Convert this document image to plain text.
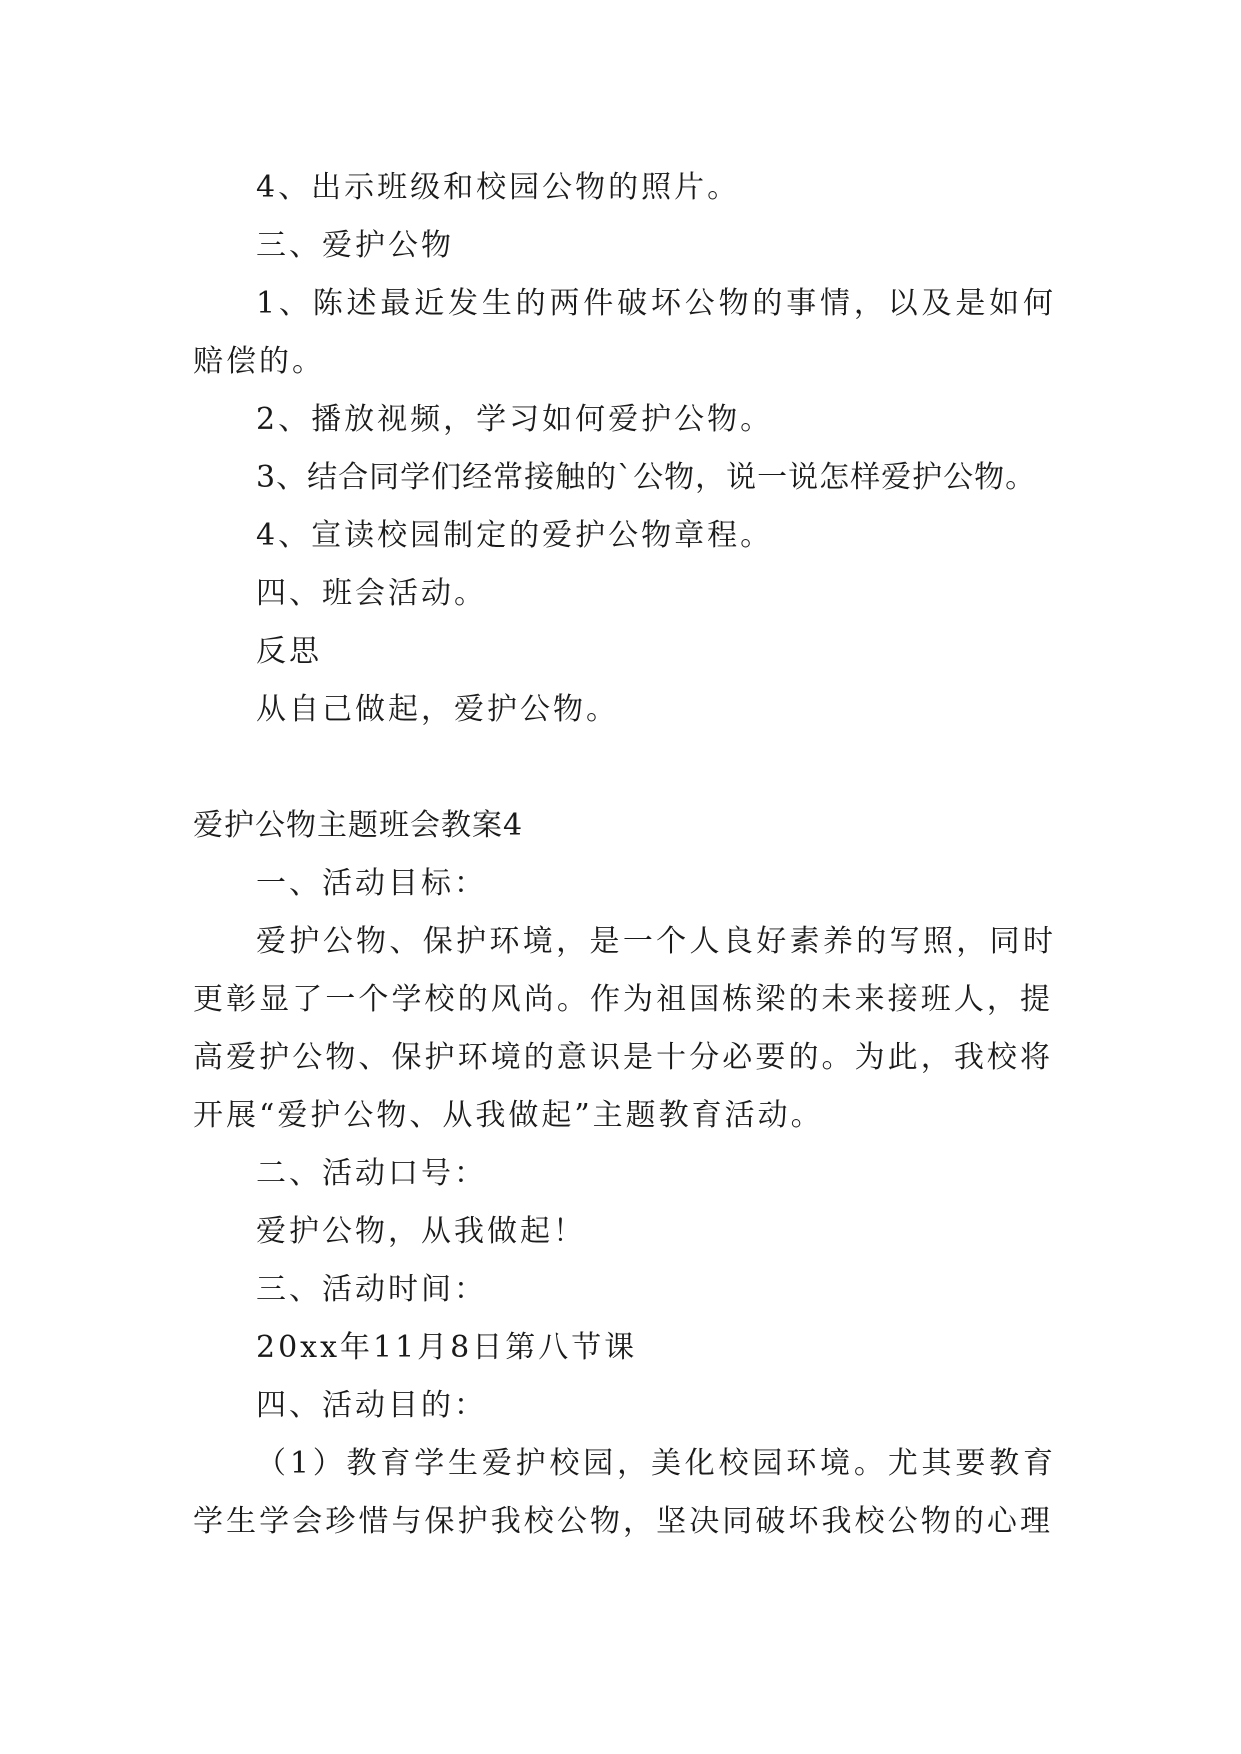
4、出示班级和校园公物的照片。

三、爱护公物

1、陈述最近发生的两件破坏公物的事情，以及是如何

赔偿的。

2、播放视频，学习如何爱护公物。

3、结合同学们经常接触的`公物，说一说怎样爱护公物。

4、宣读校园制定的爱护公物章程。

四、班会活动。

反思

从自己做起，爱护公物。

爱护公物主题班会教案4

一、活动目标：

爱护公物、保护环境，是一个人良好素养的写照，同时

更彰显了一个学校的风尚。作为祖国栋梁的未来接班人，提

高爱护公物、保护环境的意识是十分必要的。为此，我校将

开展“爱护公物、从我做起”主题教育活动。

二、活动口号：

爱护公物，从我做起！

三、活动时间：

20xx年11月8日第八节课

四、活动目的：

（1）教育学生爱护校园，美化校园环境。尤其要教育

学生学会珍惜与保护我校公物，坚决同破坏我校公物的心理
